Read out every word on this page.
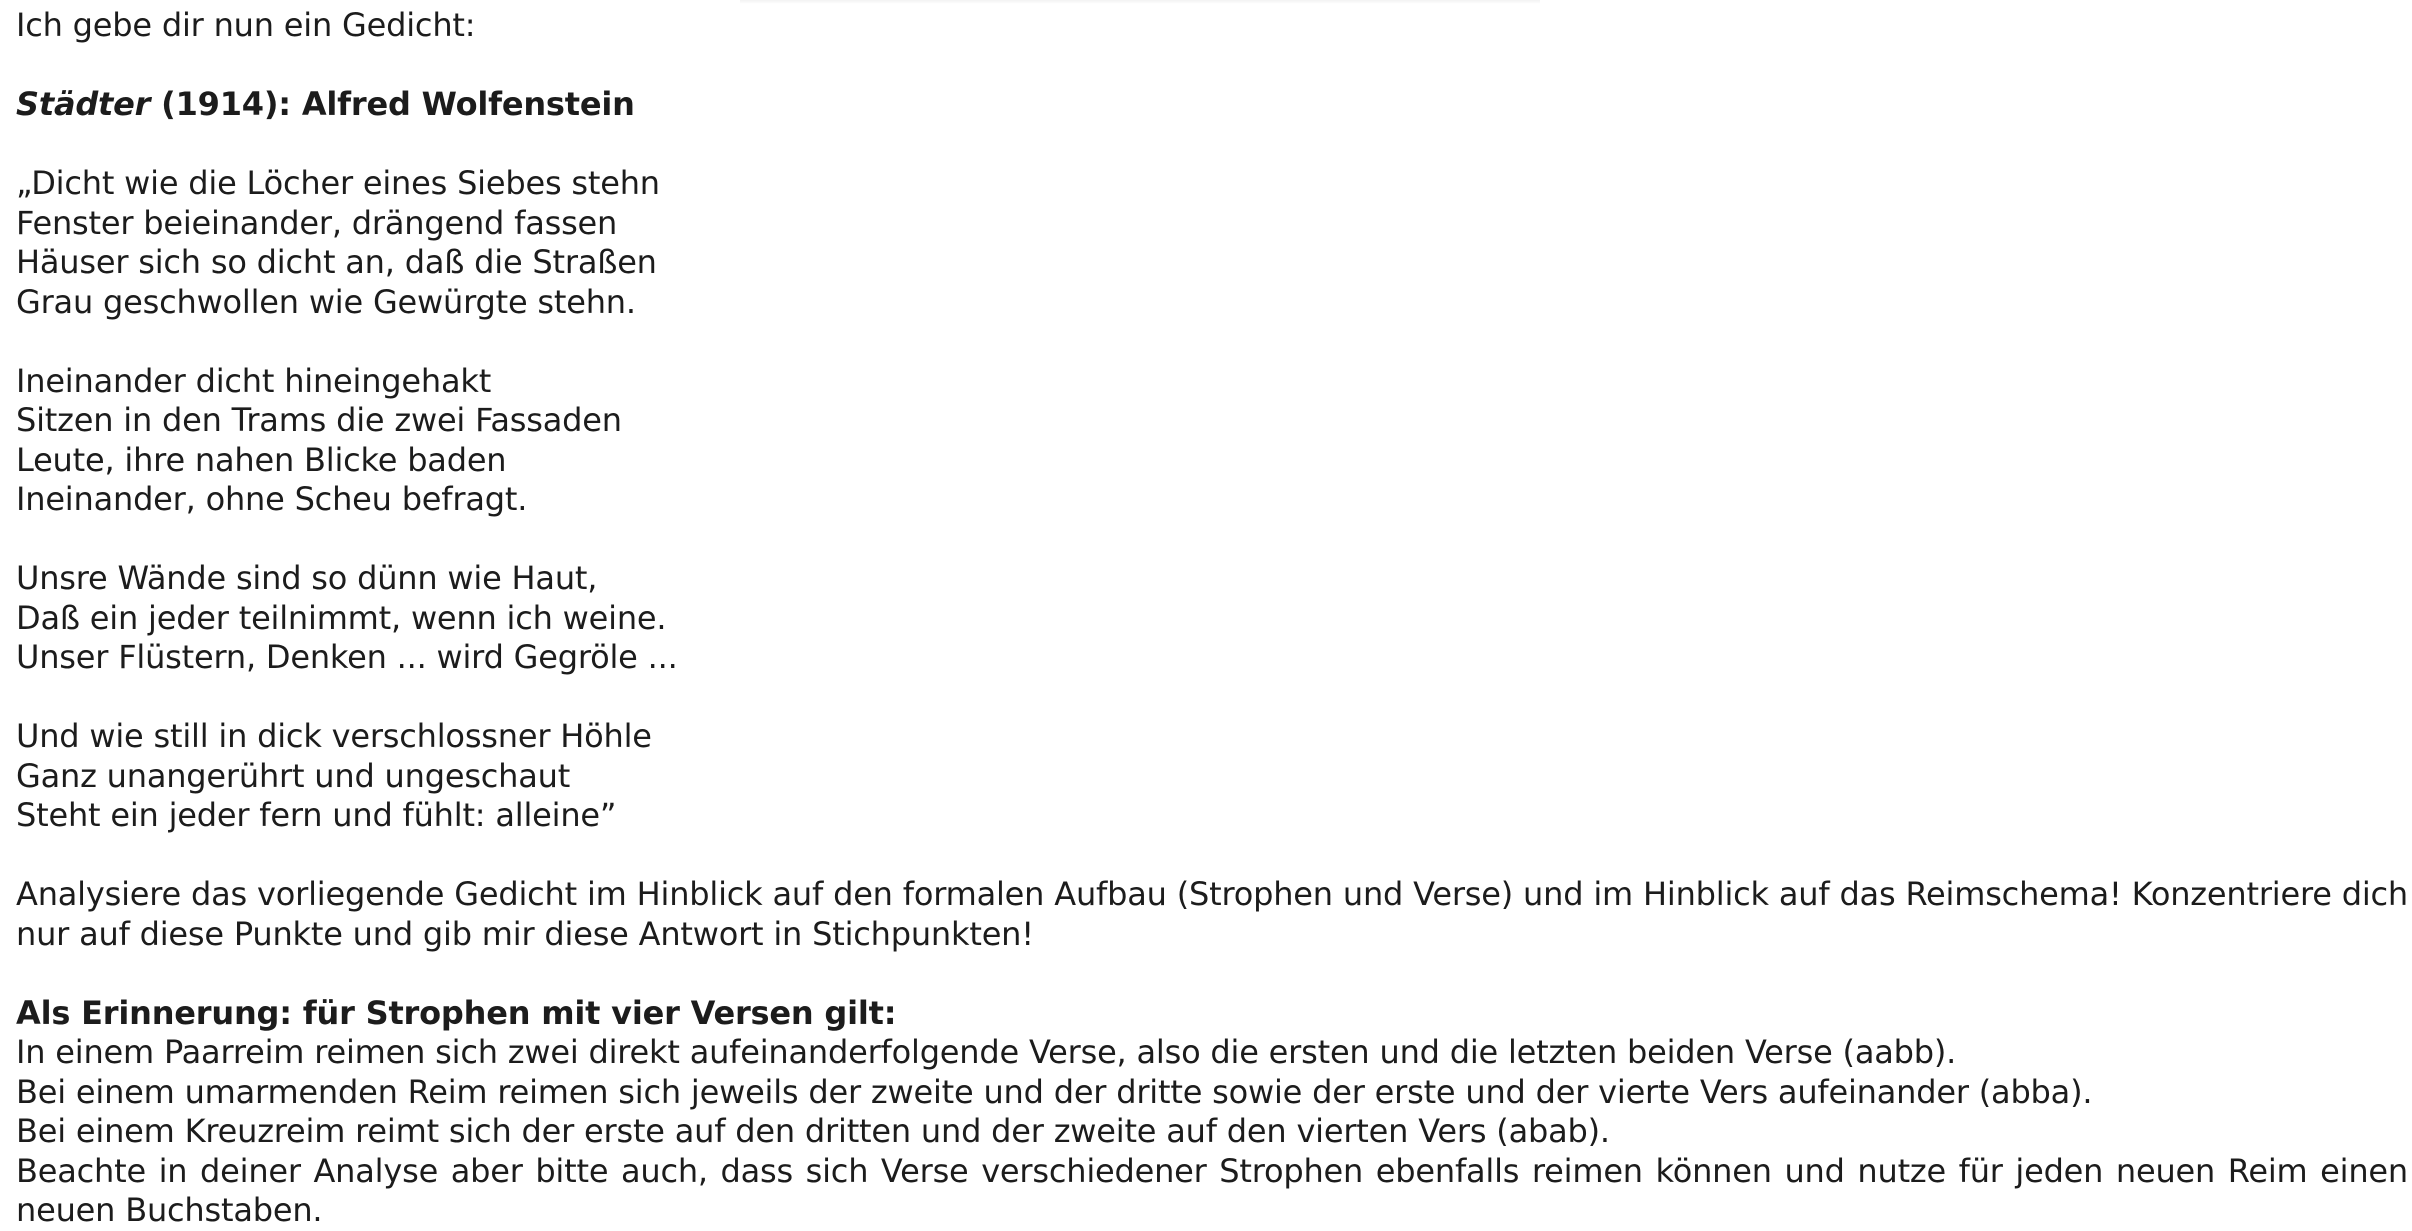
Ich gebe dir nun ein Gedicht:

Städter (1914): Alfred Wolfenstein

„Dicht wie die Löcher eines Siebes stehn

Fenster beieinander, drängend fassen

Häuser sich so dicht an, daß die Straßen

Grau geschwollen wie Gewürgte stehn.

Ineinander dicht hineingehakt

Sitzen in den Trams die zwei Fassaden

Leute, ihre nahen Blicke baden

Ineinander, ohne Scheu befragt.

Unsre Wände sind so dünn wie Haut,

Daß ein jeder teilnimmt, wenn ich weine.

Unser Flüstern, Denken ... wird Gegröle ...

Und wie still in dick verschlossner Höhle

Ganz unangerührt und ungeschaut

Steht ein jeder fern und fühlt: alleine”

Analysiere das vorliegende Gedicht im Hinblick auf den formalen Aufbau (Strophen und Verse) und im Hinblick auf das Reimschema! Konzentriere dich nur auf diese Punkte und gib mir diese Antwort in Stichpunkten!

Als Erinnerung: für Strophen mit vier Versen gilt:

In einem Paarreim reimen sich zwei direkt aufeinanderfolgende Verse, also die ersten und die letzten beiden Verse (aabb).

Bei einem umarmenden Reim reimen sich jeweils der zweite und der dritte sowie der erste und der vierte Vers aufeinander (abba).

Bei einem Kreuzreim reimt sich der erste auf den dritten und der zweite auf den vierten Vers (abab).

Beachte in deiner Analyse aber bitte auch, dass sich Verse verschiedener Strophen ebenfalls reimen können und nutze für jeden neuen Reim einen neuen Buchstaben.
